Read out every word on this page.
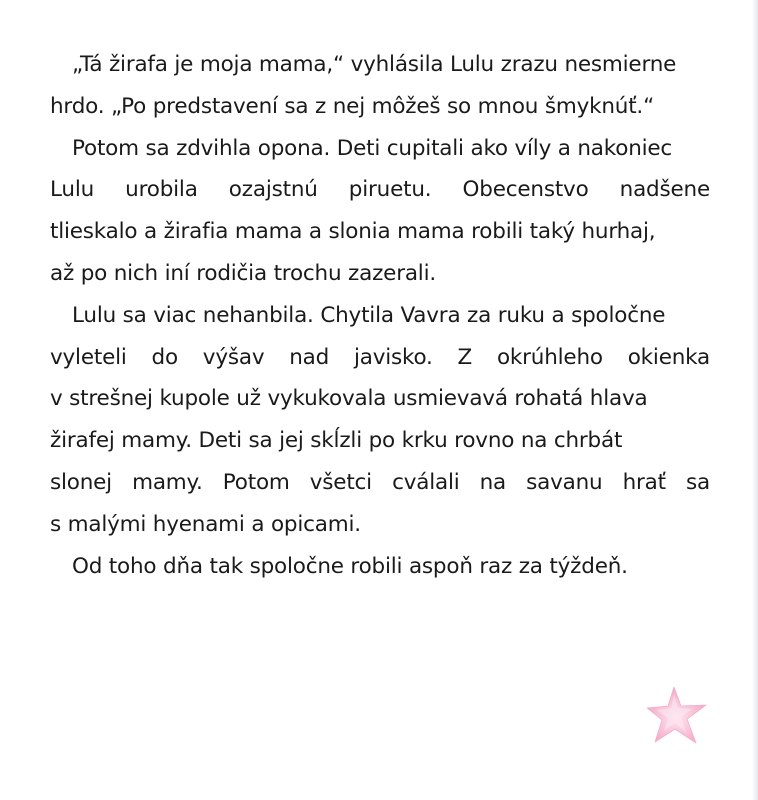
„Tá žirafa je moja mama,“ vyhlásila Lulu zrazu nesmierne
hrdo. „Po predstavení sa z nej môžeš so mnou šmyknúť.“

Potom sa zdvihla opona. Deti cupitali ako víly a nakoniec
Lulu urobila ozajstnú piruetu. Obecenstvo nadšene
tlieskalo a žirafia mama a slonia mama robili taký hurhaj,
až po nich iní rodičia trochu zazerali.

Lulu sa viac nehanbila. Chytila Vavra za ruku a spoločne
vyleteli do výšav nad javisko. Z okrúhleho okienka
v strešnej kupole už vykukovala usmievavá rohatá hlava
žirafej mamy. Deti sa jej skĺzli po krku rovno na chrbát
slonej mamy. Potom všetci cválali na savanu hrať sa
s malými hyenami a opicami.

Od toho dňa tak spoločne robili aspoň raz za týždeň.
